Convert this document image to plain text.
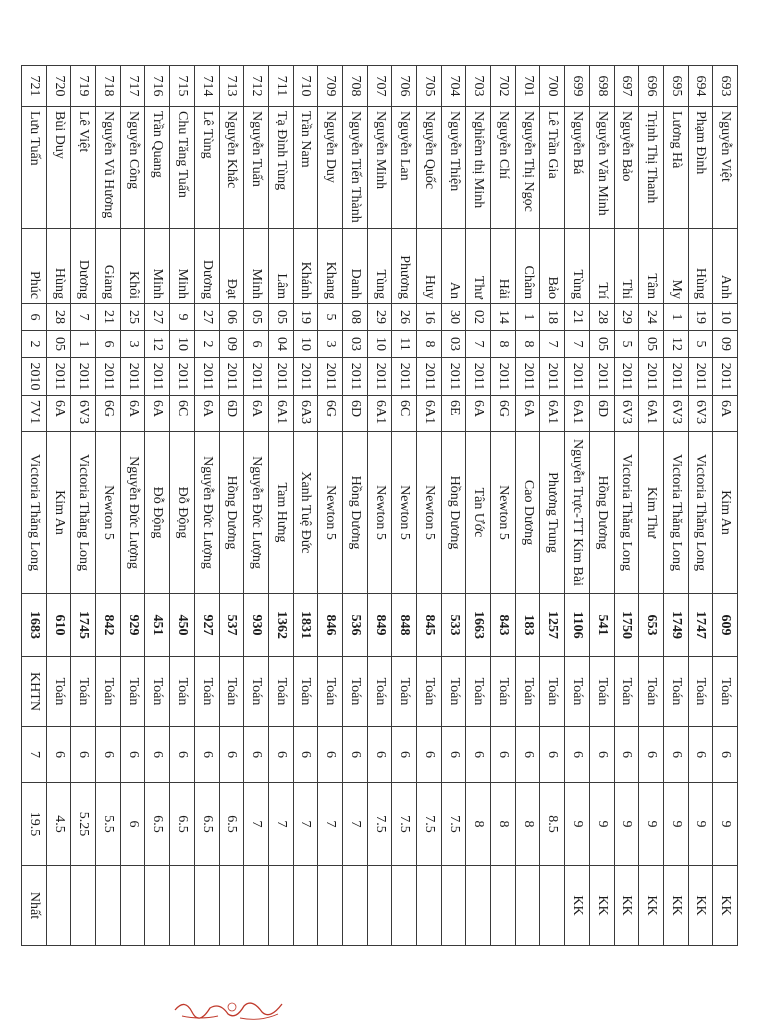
693	Nguyễn Việt	Anh	10	09	2011	6A	Kim An	609	Toán	6	9	KK
694	Phạm Đình	Hùng	19	5	2011	6V3	Victoria Thăng Long	1747	Toán	6	9	KK
695	Lương Hà	My	1	12	2011	6V3	Victoria Thăng Long	1749	Toán	6	9	KK
696	Trịnh Thị Thanh	Tâm	24	05	2011	6A1	Kim Thư	653	Toán	6	9	KK
697	Nguyễn Bảo	Thi	29	5	2011	6V3	Victoria Thăng Long	1750	Toán	6	9	KK
698	Nguyễn Văn Minh	Trí	28	05	2011	6D	Hồng Dương	541	Toán	6	9	KK
699	Nguyễn Bá	Tùng	21	7	2011	6A1	Nguyễn Trực-TT Kim Bài	1106	Toán	6	9	KK
700	Lê Trần Gia	Bảo	18	7	2011	6A1	Phương Trung	1257	Toán	6	8.5	
701	Nguyễn Thị Ngọc	Châm	1	8	2011	6A	Cao Dương	183	Toán	6	8	
702	Nguyễn Chí	Hải	14	8	2011	6G	Newton 5	843	Toán	6	8	
703	Nghiêm thị Minh	Thư	02	7	2011	6A	Tân Ước	1663	Toán	6	8	
704	Nguyễn Thiện	An	30	03	2011	6E	Hồng Dương	533	Toán	6	7.5	
705	Nguyễn Quốc	Huy	16	8	2011	6A1	Newton 5	845	Toán	6	7.5	
706	Nguyễn Lan	Phương	26	11	2011	6C	Newton 5	848	Toán	6	7.5	
707	Nguyễn Minh	Tùng	29	10	2011	6A1	Newton 5	849	Toán	6	7.5	
708	Nguyễn Tiến Thành	Danh	08	03	2011	6D	Hồng Dương	536	Toán	6	7	
709	Nguyễn Duy	Khang	5	3	2011	6G	Newton 5	846	Toán	6	7	
710	Trần Nam	Khánh	19	10	2011	6A3	Xanh Tuệ Đức	1831	Toán	6	7	
711	Tạ Đình Tùng	Lâm	05	04	2011	6A1	Tam Hưng	1362	Toán	6	7	
712	Nguyễn Tuấn	Minh	05	6	2011	6A	Nguyễn Đức Lượng	930	Toán	6	7	
713	Nguyễn Khắc	Đạt	06	09	2011	6D	Hồng Dương	537	Toán	6	6.5	
714	Lê Tùng	Dương	27	2	2011	6A	Nguyễn Đức Lượng	927	Toán	6	6.5	
715	Chu Tăng Tuấn	Minh	9	10	2011	6C	Đỗ Động	450	Toán	6	6.5	
716	Trần Quang	Minh	27	12	2011	6A	Đỗ Động	451	Toán	6	6.5	
717	Nguyễn Công	Khôi	25	3	2011	6A	Nguyễn Đức Lượng	929	Toán	6	6	
718	Nguyễn Vũ Hương	Giang	21	6	2011	6G	Newton 5	842	Toán	6	5.5	
719	Lê Việt	Dương	7	1	2011	6V3	Victoria Thăng Long	1745	Toán	6	5.25	
720	Bùi Duy	Hùng	28	05	2011	6A	Kim An	610	Toán	6	4.5	
721	Lưu Tuấn	Phúc	6	2	2010	7V1	Victoria Thăng Long	1683	KHTN	7	19.5	Nhất
